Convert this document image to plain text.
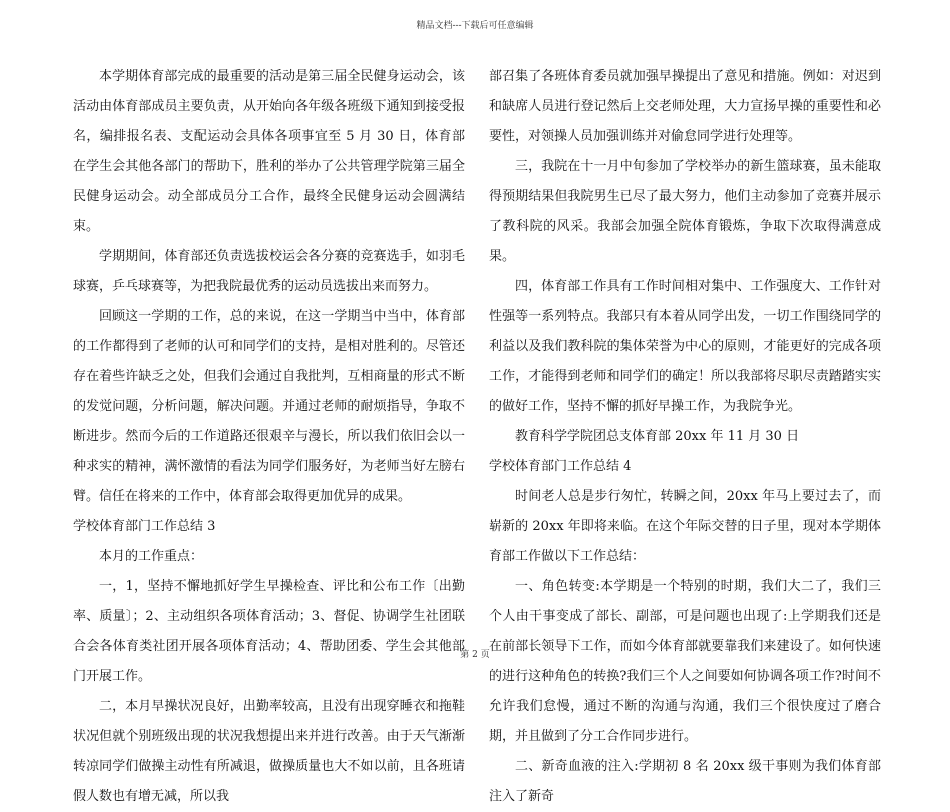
精品文档---下载后可任意编辑

本学期体育部完成的最重要的活动是第三届全民健身运动会，该活动由体育部成员主要负责，从开始向各年级各班级下通知到接受报名，编排报名表、支配运动会具体各项事宜至 5 月 30 日，体育部在学生会其他各部门的帮助下，胜利的举办了公共管理学院第三届全民健身运动会。动全部成员分工合作，最终全民健身运动会圆满结束。

学期期间，体育部还负责选拔校运会各分赛的竞赛选手，如羽毛球赛，乒乓球赛等，为把我院最优秀的运动员选拔出来而努力。

回顾这一学期的工作，总的来说，在这一学期当中当中，体育部的工作都得到了老师的认可和同学们的支持，是相对胜利的。尽管还存在着些许缺乏之处，但我们会通过自我批判，互相商量的形式不断的发觉问题，分析问题，解决问题。并通过老师的耐烦指导，争取不断进步。然而今后的工作道路还很艰辛与漫长，所以我们依旧会以一种求实的精神，满怀激情的看法为同学们服务好，为老师当好左膀右臂。信任在将来的工作中，体育部会取得更加优异的成果。

学校体育部门工作总结 3

本月的工作重点：

一，1，坚持不懈地抓好学生早操检查、评比和公布工作〔出勤率、质量〕；2、主动组织各项体育活动；3、督促、协调学生社团联合会各体育类社团开展各项体育活动；4、帮助团委、学生会其他部门开展工作。

二，本月早操状况良好，出勤率较高，且没有出现穿睡衣和拖鞋状况但就个别班级出现的状况我想提出来并进行改善。由于天气渐渐转凉同学们做操主动性有所减退，做操质量也大不如以前，且各班请假人数也有增无减，所以我

部召集了各班体育委员就加强早操提出了意见和措施。例如：对迟到和缺席人员进行登记然后上交老师处理，大力宣扬早操的重要性和必要性，对领操人员加强训练并对偷怠同学进行处理等。

三，我院在十一月中旬参加了学校举办的新生篮球赛，虽未能取得预期结果但我院男生已尽了最大努力，他们主动参加了竞赛并展示了教科院的风采。我部会加强全院体育锻炼，争取下次取得满意成果。

四，体育部工作具有工作时间相对集中、工作强度大、工作针对性强等一系列特点。我部只有本着从同学出发，一切工作围绕同学的利益以及我们教科院的集体荣誉为中心的原则，才能更好的完成各项工作，才能得到老师和同学们的确定！所以我部将尽职尽责踏踏实实的做好工作，坚持不懈的抓好早操工作，为我院争光。

教育科学学院团总支体育部 20xx 年 11 月 30 日

学校体育部门工作总结 4

时间老人总是步行匆忙，转瞬之间，20xx 年马上要过去了，而崭新的 20xx 年即将来临。在这个年际交替的日子里，现对本学期体育部工作做以下工作总结：

一、角色转变:本学期是一个特别的时期，我们大二了，我们三个人由干事变成了部长、副部，可是问题也出现了:上学期我们还是在前部长领导下工作，而如今体育部就要靠我们来建设了。如何快速的进行这种角色的转换?我们三个人之间要如何协调各项工作?时间不允许我们怠慢，通过不断的沟通与沟通，我们三个很快度过了磨合期，并且做到了分工合作同步进行。

二、新奇血液的注入:学期初 8 名 20xx 级干事则为我们体育部注入了新奇

第 2 页
